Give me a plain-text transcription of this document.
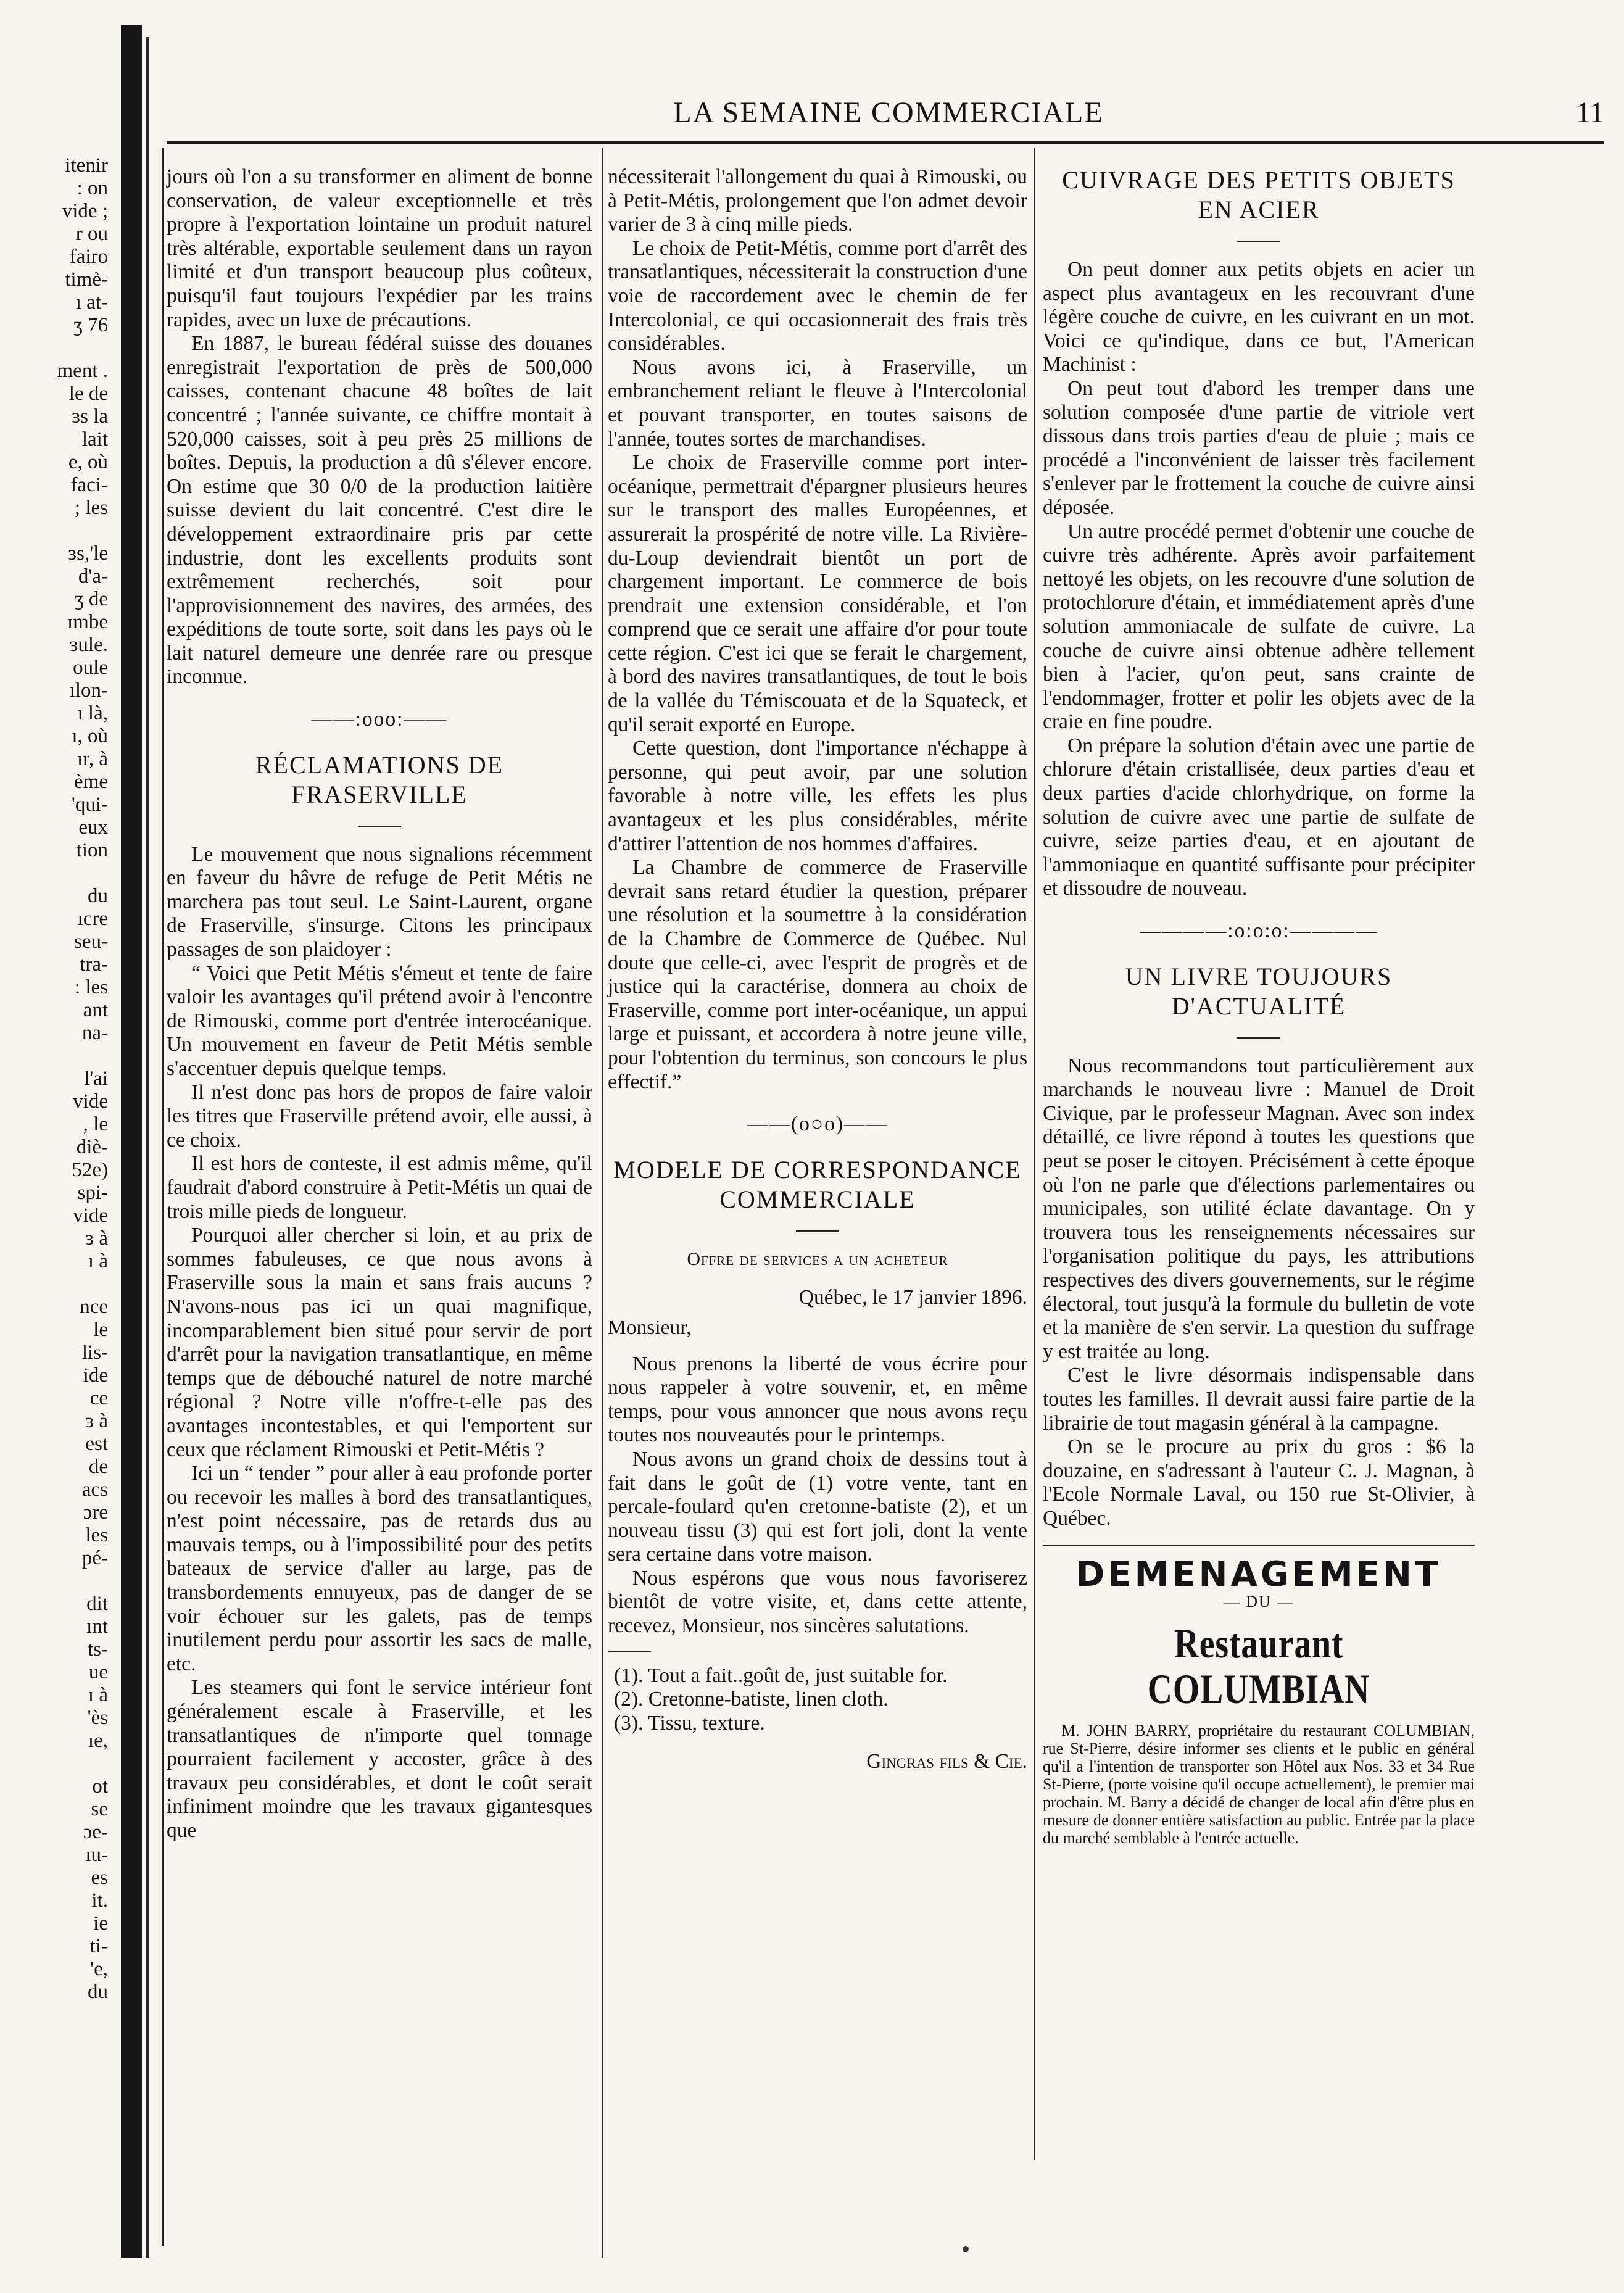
itenir
: on
vide ;
r ou
fairo
timè-
ı at-
ʒ 76
ment .
le de
ɜs la
lait
e, où
faci-
; les
ɜs,'le
d'a-
ʒ de
ɪmbe
ɜule.
oule
ılon-
ı là,
ı, où
ır, à
ème
'qui-
eux
tion
du
ıcre
seu-
tra-
: les
ant
na-
l'ai
vide
, le
diè-
52e)
spi-
vide
ɜ à
ı à
nce
le
lis-
ide
ce
ɜ à
est
de
acs
ɔre
les
pé-
dit
ınt
ts-
ue
ı à
'ès
ıe,
ot
se
ɔe-
ıu-
es
it.
ie
ti-
'e,
du
LA SEMAINE COMMERCIALE	11

jours où l'on a su transformer en aliment de bonne conservation, de valeur exceptionnelle et très propre à l'exportation lointaine un produit naturel très altérable, exportable seulement dans un rayon limité et d'un transport beaucoup plus coûteux, puisqu'il faut toujours l'expédier par les trains rapides, avec un luxe de précautions.

En 1887, le bureau fédéral suisse des douanes enregistrait l'exportation de près de 500,000 caisses, contenant chacune 48 boîtes de lait concentré ; l'année suivante, ce chiffre montait à 520,000 caisses, soit à peu près 25 millions de boîtes. Depuis, la production a dû s'élever encore. On estime que 30 0/0 de la production laitière suisse devient du lait concentré. C'est dire le développement extraordinaire pris par cette industrie, dont les excellents produits sont extrêmement recherchés, soit pour l'approvisionnement des navires, des armées, des expéditions de toute sorte, soit dans les pays où le lait naturel demeure une denrée rare ou presque inconnue.

——:ooo:——
RÉCLAMATIONS DE FRASERVILLE

Le mouvement que nous signalions récemment en faveur du hâvre de refuge de Petit Métis ne marchera pas tout seul. Le Saint-Laurent, organe de Fraserville, s'insurge. Citons les principaux passages de son plaidoyer :

“ Voici que Petit Métis s'émeut et tente de faire valoir les avantages qu'il prétend avoir à l'encontre de Rimouski, comme port d'entrée interocéanique. Un mouvement en faveur de Petit Métis semble s'accentuer depuis quelque temps.

Il n'est donc pas hors de propos de faire valoir les titres que Fraserville prétend avoir, elle aussi, à ce choix.

Il est hors de conteste, il est admis même, qu'il faudrait d'abord construire à Petit-Métis un quai de trois mille pieds de longueur.

Pourquoi aller chercher si loin, et au prix de sommes fabuleuses, ce que nous avons à Fraserville sous la main et sans frais aucuns ? N'avons-nous pas ici un quai magnifique, incomparablement bien situé pour servir de port d'arrêt pour la navigation transatlantique, en même temps que de débouché naturel de notre marché régional ? Notre ville n'offre-t-elle pas des avantages incontestables, et qui l'emportent sur ceux que réclament Rimouski et Petit-Métis ?

Ici un “ tender ” pour aller à eau profonde porter ou recevoir les malles à bord des transatlantiques, n'est point nécessaire, pas de retards dus au mauvais temps, ou à l'impossibilité pour des petits bateaux de service d'aller au large, pas de transbordements ennuyeux, pas de danger de se voir échouer sur les galets, pas de temps inutilement perdu pour assortir les sacs de malle, etc.

Les steamers qui font le service intérieur font généralement escale à Fraserville, et les transatlantiques de n'importe quel tonnage pourraient facilement y accoster, grâce à des travaux peu considérables, et dont le coût serait infiniment moindre que les travaux gigantesques que

nécessiterait l'allongement du quai à Rimouski, ou à Petit-Métis, prolongement que l'on admet devoir varier de 3 à cinq mille pieds.

Le choix de Petit-Métis, comme port d'arrêt des transatlantiques, nécessiterait la construction d'une voie de raccordement avec le chemin de fer Intercolonial, ce qui occasionnerait des frais très considérables.

Nous avons ici, à Fraserville, un embranchement reliant le fleuve à l'Intercolonial et pouvant transporter, en toutes saisons de l'année, toutes sortes de marchandises.

Le choix de Fraserville comme port inter-océanique, permettrait d'épargner plusieurs heures sur le transport des malles Européennes, et assurerait la prospérité de notre ville. La Rivière-du-Loup deviendrait bientôt un port de chargement important. Le commerce de bois prendrait une extension considérable, et l'on comprend que ce serait une affaire d'or pour toute cette région. C'est ici que se ferait le chargement, à bord des navires transatlantiques, de tout le bois de la vallée du Témiscouata et de la Squateck, et qu'il serait exporté en Europe.

Cette question, dont l'importance n'échappe à personne, qui peut avoir, par une solution favorable à notre ville, les effets les plus avantageux et les plus considérables, mérite d'attirer l'attention de nos hommes d'affaires.

La Chambre de commerce de Fraserville devrait sans retard étudier la question, préparer une résolution et la soumettre à la considération de la Chambre de Commerce de Québec. Nul doute que celle-ci, avec l'esprit de progrès et de justice qui la caractérise, donnera au choix de Fraserville, comme port inter-océanique, un appui large et puissant, et accordera à notre jeune ville, pour l'obtention du terminus, son concours le plus effectif.”

——(o○o)——
MODELE DE CORRESPONDANCE COMMERCIALE
Offre de services a un acheteur

Québec, le 17 janvier 1896.

Monsieur,

Nous prenons la liberté de vous écrire pour nous rappeler à votre souvenir, et, en même temps, pour vous annoncer que nous avons reçu toutes nos nouveautés pour le printemps.

Nous avons un grand choix de dessins tout à fait dans le goût de (1) votre vente, tant en percale-foulard qu'en cretonne-batiste (2), et un nouveau tissu (3) qui est fort joli, dont la vente sera certaine dans votre maison.

Nous espérons que vous nous favoriserez bientôt de votre visite, et, dans cette attente, recevez, Monsieur, nos sincères salutations.

(1). Tout a fait..goût de, just suitable for.

(2). Cretonne-batiste, linen cloth.

(3). Tissu, texture.

Gingras fils & Cie.

CUIVRAGE DES PETITS OBJETS EN ACIER

On peut donner aux petits objets en acier un aspect plus avantageux en les recouvrant d'une légère couche de cuivre, en les cuivrant en un mot. Voici ce qu'indique, dans ce but, l'American Machinist :

On peut tout d'abord les tremper dans une solution composée d'une partie de vitriole vert dissous dans trois parties d'eau de pluie ; mais ce procédé a l'inconvénient de laisser très facilement s'enlever par le frottement la couche de cuivre ainsi déposée.

Un autre procédé permet d'obtenir une couche de cuivre très adhérente. Après avoir parfaitement nettoyé les objets, on les recouvre d'une solution de protochlorure d'étain, et immédiatement après d'une solution ammoniacale de sulfate de cuivre. La couche de cuivre ainsi obtenue adhère tellement bien à l'acier, qu'on peut, sans crainte de l'endommager, frotter et polir les objets avec de la craie en fine poudre.

On prépare la solution d'étain avec une partie de chlorure d'étain cristallisée, deux parties d'eau et deux parties d'acide chlorhydrique, on forme la solution de cuivre avec une partie de sulfate de cuivre, seize parties d'eau, et en ajoutant de l'ammoniaque en quantité suffisante pour précipiter et dissoudre de nouveau.

————:o:o:o:————
UN LIVRE TOUJOURS D'ACTUALITÉ

Nous recommandons tout particulièrement aux marchands le nouveau livre : Manuel de Droit Civique, par le professeur Magnan. Avec son index détaillé, ce livre répond à toutes les questions que peut se poser le citoyen. Précisément à cette époque où l'on ne parle que d'élections parlementaires ou municipales, son utilité éclate davantage. On y trouvera tous les renseignements nécessaires sur l'organisation politique du pays, les attributions respectives des divers gouvernements, sur le régime électoral, tout jusqu'à la formule du bulletin de vote et la manière de s'en servir. La question du suffrage y est traitée au long.

C'est le livre désormais indispensable dans toutes les familles. Il devrait aussi faire partie de la librairie de tout magasin général à la campagne.

On se le procure au prix du gros : $6 la douzaine, en s'adressant à l'auteur C. J. Magnan, à l'Ecole Normale Laval, ou 150 rue St-Olivier, à Québec.

DEMENAGEMENT
— DU —
Restaurant COLUMBIAN
M. JOHN BARRY, propriétaire du restaurant COLUMBIAN, rue St-Pierre, désire informer ses clients et le public en général qu'il a l'intention de transporter son Hôtel aux Nos. 33 et 34 Rue St-Pierre, (porte voisine qu'il occupe actuellement), le premier mai prochain. M. Barry a décidé de changer de local afin d'être plus en mesure de donner entière satisfaction au public. Entrée par la place du marché semblable à l'entrée actuelle.
